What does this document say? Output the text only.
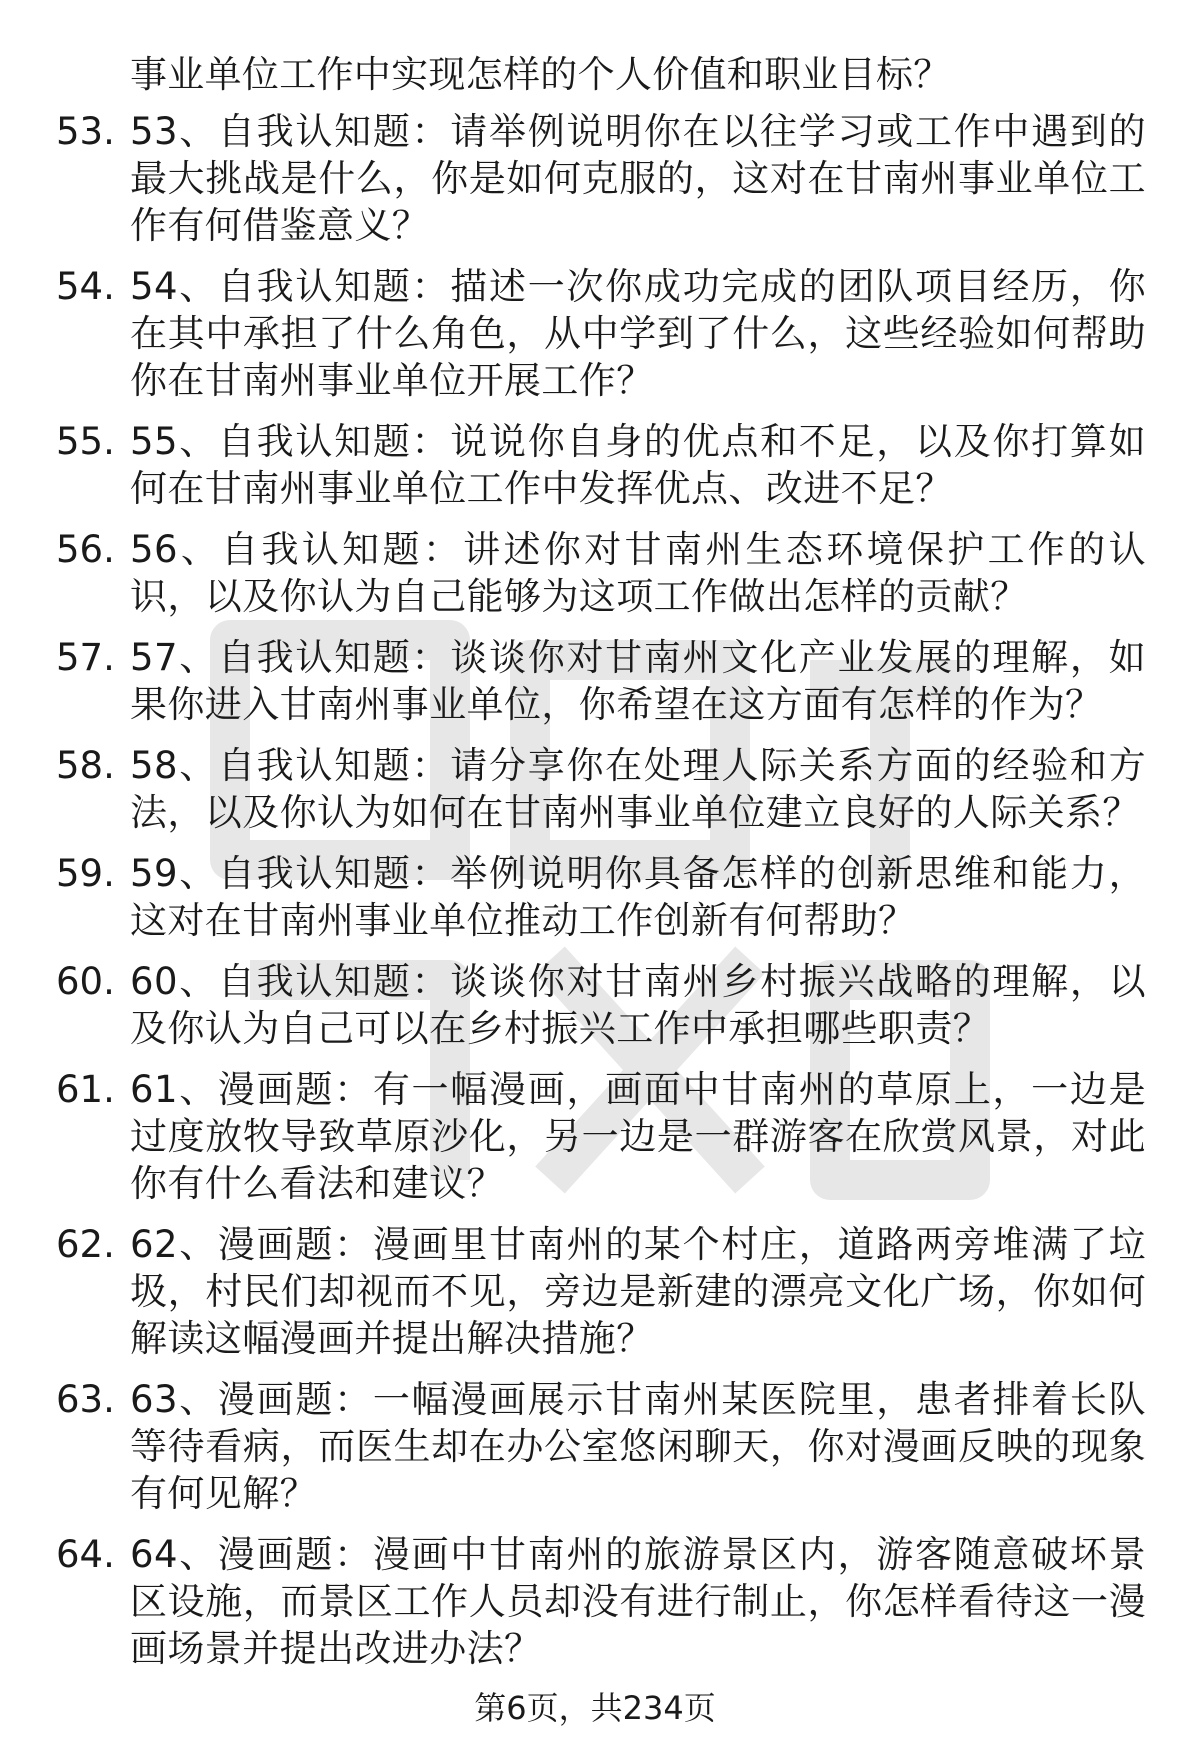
事业单位工作中实现怎样的个人价值和职业目标？
53. 53、自我认知题：请举例说明你在以往学习或工作中遇到的最大挑战是什么，你是如何克服的，这对在甘南州事业单位工作有何借鉴意义？
54. 54、自我认知题：描述一次你成功完成的团队项目经历，你在其中承担了什么角色，从中学到了什么，这些经验如何帮助你在甘南州事业单位开展工作？
55. 55、自我认知题：说说你自身的优点和不足，以及你打算如何在甘南州事业单位工作中发挥优点、改进不足？
56. 56、自我认知题：讲述你对甘南州生态环境保护工作的认识，以及你认为自己能够为这项工作做出怎样的贡献？
57. 57、自我认知题：谈谈你对甘南州文化产业发展的理解，如果你进入甘南州事业单位，你希望在这方面有怎样的作为？
58. 58、自我认知题：请分享你在处理人际关系方面的经验和方法，以及你认为如何在甘南州事业单位建立良好的人际关系？
59. 59、自我认知题：举例说明你具备怎样的创新思维和能力，这对在甘南州事业单位推动工作创新有何帮助？
60. 60、自我认知题：谈谈你对甘南州乡村振兴战略的理解，以及你认为自己可以在乡村振兴工作中承担哪些职责？
61. 61、漫画题：有一幅漫画，画面中甘南州的草原上，一边是过度放牧导致草原沙化，另一边是一群游客在欣赏风景，对此你有什么看法和建议？
62. 62、漫画题：漫画里甘南州的某个村庄，道路两旁堆满了垃圾，村民们却视而不见，旁边是新建的漂亮文化广场，你如何解读这幅漫画并提出解决措施？
63. 63、漫画题：一幅漫画展示甘南州某医院里，患者排着长队等待看病，而医生却在办公室悠闲聊天，你对漫画反映的现象有何见解？
64. 64、漫画题：漫画中甘南州的旅游景区内，游客随意破坏景区设施，而景区工作人员却没有进行制止，你怎样看待这一漫画场景并提出改进办法？
第6页，共234页
